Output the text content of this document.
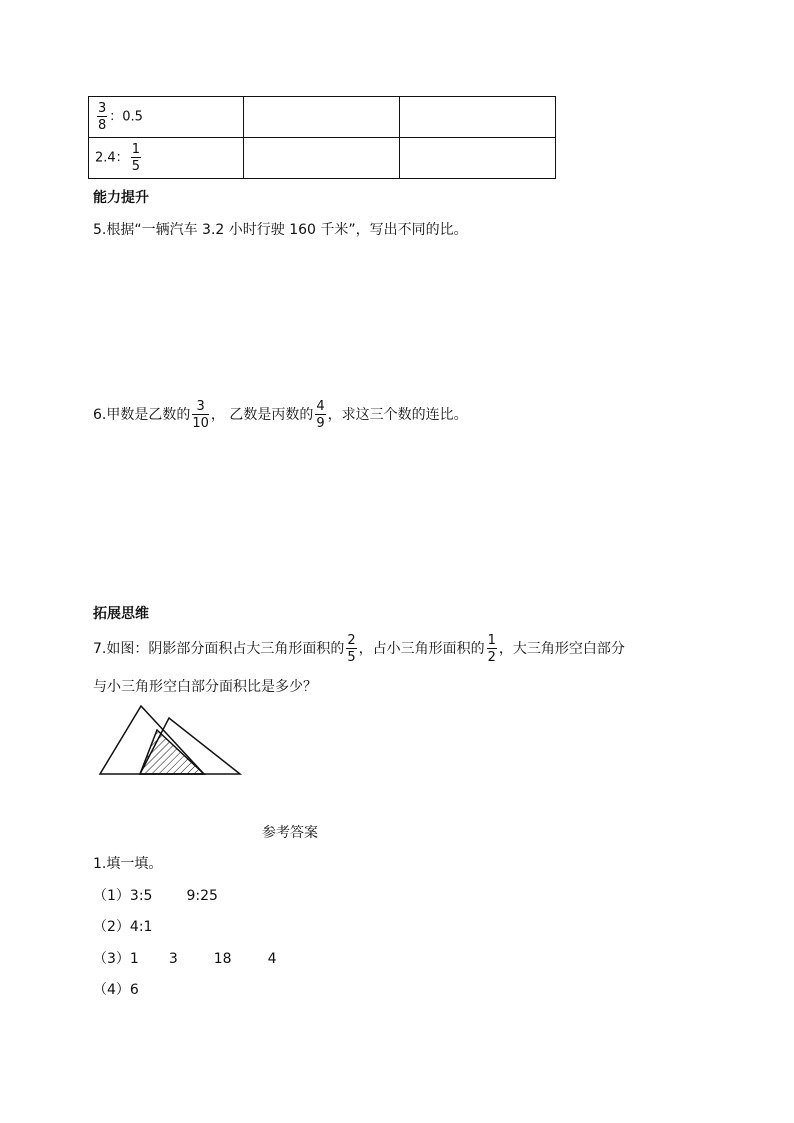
$\frac{3}{8}$ ：0.5		
2.4： $\frac{1}{5}$

能力提升
5.根据“一辆汽车 3.2 小时行驶 160 千米”，写出不同的比。
6.甲数是乙数的 $\frac{3}{10}$ ， 乙数是丙数的 $\frac{4}{9}$ ，求这三个数的连比。
拓展思维
7.如图：阴影部分面积占大三角形面积的 $\frac{2}{5}$ ，占小三角形面积的 $\frac{1}{2}$ ，大三角形空白部分
与小三角形空白部分面积比是多少？
参考答案
1.填一填。
（1）3:5 9:25
（2）4:1
（3）1 3	18	4
（4）6
